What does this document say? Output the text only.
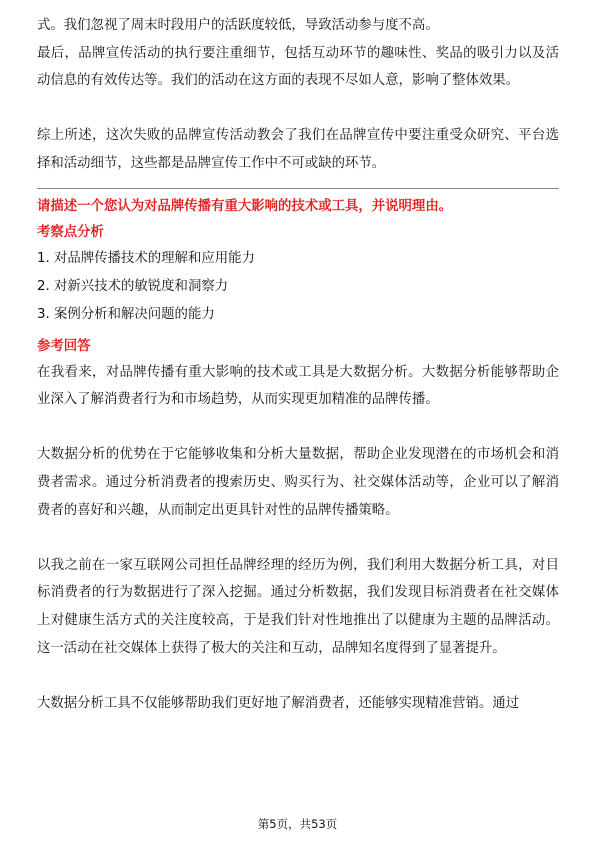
式。我们忽视了周末时段用户的活跃度较低，导致活动参与度不高。

最后，品牌宣传活动的执行要注重细节，包括互动环节的趣味性、奖品的吸引力以及活动信息的有效传达等。我们的活动在这方面的表现不尽如人意，影响了整体效果。

综上所述，这次失败的品牌宣传活动教会了我们在品牌宣传中要注重受众研究、平台选择和活动细节，这些都是品牌宣传工作中不可或缺的环节。

请描述一个您认为对品牌传播有重大影响的技术或工具，并说明理由。
考察点分析
1. 对品牌传播技术的理解和应用能力
2. 对新兴技术的敏锐度和洞察力
3. 案例分析和解决问题的能力
参考回答

在我看来，对品牌传播有重大影响的技术或工具是大数据分析。大数据分析能够帮助企业深入了解消费者行为和市场趋势，从而实现更加精准的品牌传播。

大数据分析的优势在于它能够收集和分析大量数据，帮助企业发现潜在的市场机会和消费者需求。通过分析消费者的搜索历史、购买行为、社交媒体活动等，企业可以了解消费者的喜好和兴趣，从而制定出更具针对性的品牌传播策略。

以我之前在一家互联网公司担任品牌经理的经历为例，我们利用大数据分析工具，对目标消费者的行为数据进行了深入挖掘。通过分析数据，我们发现目标消费者在社交媒体上对健康生活方式的关注度较高，于是我们针对性地推出了以健康为主题的品牌活动。这一活动在社交媒体上获得了极大的关注和互动，品牌知名度得到了显著提升。

大数据分析工具不仅能够帮助我们更好地了解消费者，还能够实现精准营销。通过

第5页，共53页
